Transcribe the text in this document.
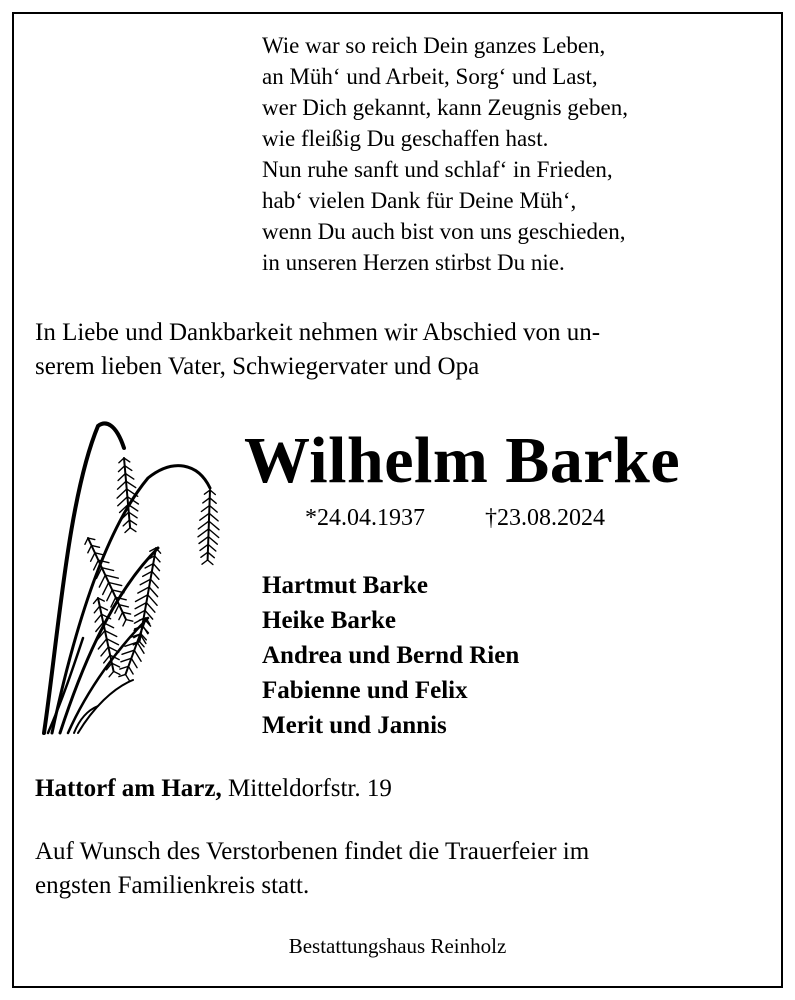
Wie war so reich Dein ganzes Leben,
an Müh‘ und Arbeit, Sorg‘ und Last,
wer Dich gekannt, kann Zeugnis geben,
wie fleißig Du geschaffen hast.
Nun ruhe sanft und schlaf‘ in Frieden,
hab‘ vielen Dank für Deine Müh‘,
wenn Du auch bist von uns geschieden,
in unseren Herzen stirbst Du nie.
In Liebe und Dankbarkeit nehmen wir Abschied von un-
serem lieben Vater, Schwiegervater und Opa
Wilhelm Barke
*24.04.1937	†23.08.2024
Hartmut Barke
Heike Barke
Andrea und Bernd Rien
Fabienne und Felix
Merit und Jannis
Hattorf am Harz, Mitteldorfstr. 19
Auf Wunsch des Verstorbenen findet die Trauerfeier im
engsten Familienkreis statt.
Bestattungshaus Reinholz
